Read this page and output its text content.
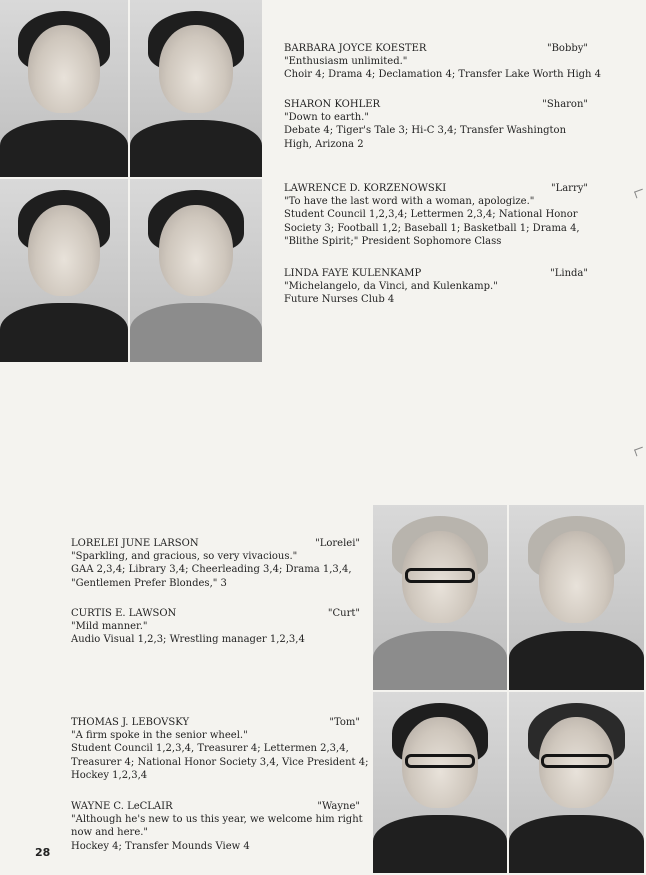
BARBARA JOYCE KOESTER	"Bobby"
"Enthusiasm unlimited."
Choir 4; Drama 4; Declamation 4; Transfer Lake Worth High 4
SHARON KOHLER	"Sharon"
"Down to earth."
Debate 4; Tiger's Tale 3; Hi-C 3,4; Transfer Washington
High, Arizona 2
LAWRENCE D. KORZENOWSKI	"Larry"
"To have the last word with a woman, apologize."
Student Council 1,2,3,4; Lettermen 2,3,4; National Honor
Society 3; Football 1,2; Baseball 1; Basketball 1; Drama 4,
"Blithe Spirit;" President Sophomore Class
LINDA FAYE KULENKAMP	"Linda"
"Michelangelo, da Vinci, and Kulenkamp."
Future Nurses Club 4
LORELEI JUNE LARSON	"Lorelei"
"Sparkling, and gracious, so very vivacious."
GAA 2,3,4; Library 3,4; Cheerleading 3,4; Drama 1,3,4,
"Gentlemen Prefer Blondes," 3
CURTIS E. LAWSON	"Curt"
"Mild manner."
Audio Visual 1,2,3; Wrestling manager 1,2,3,4
THOMAS J. LEBOVSKY	"Tom"
"A firm spoke in the senior wheel."
Student Council 1,2,3,4, Treasurer 4; Lettermen 2,3,4,
Treasurer 4; National Honor Society 3,4, Vice President 4;
Hockey 1,2,3,4
WAYNE C. LeCLAIR	"Wayne"
"Although he's new to us this year, we welcome him right
now and here."
Hockey 4; Transfer Mounds View 4
28
